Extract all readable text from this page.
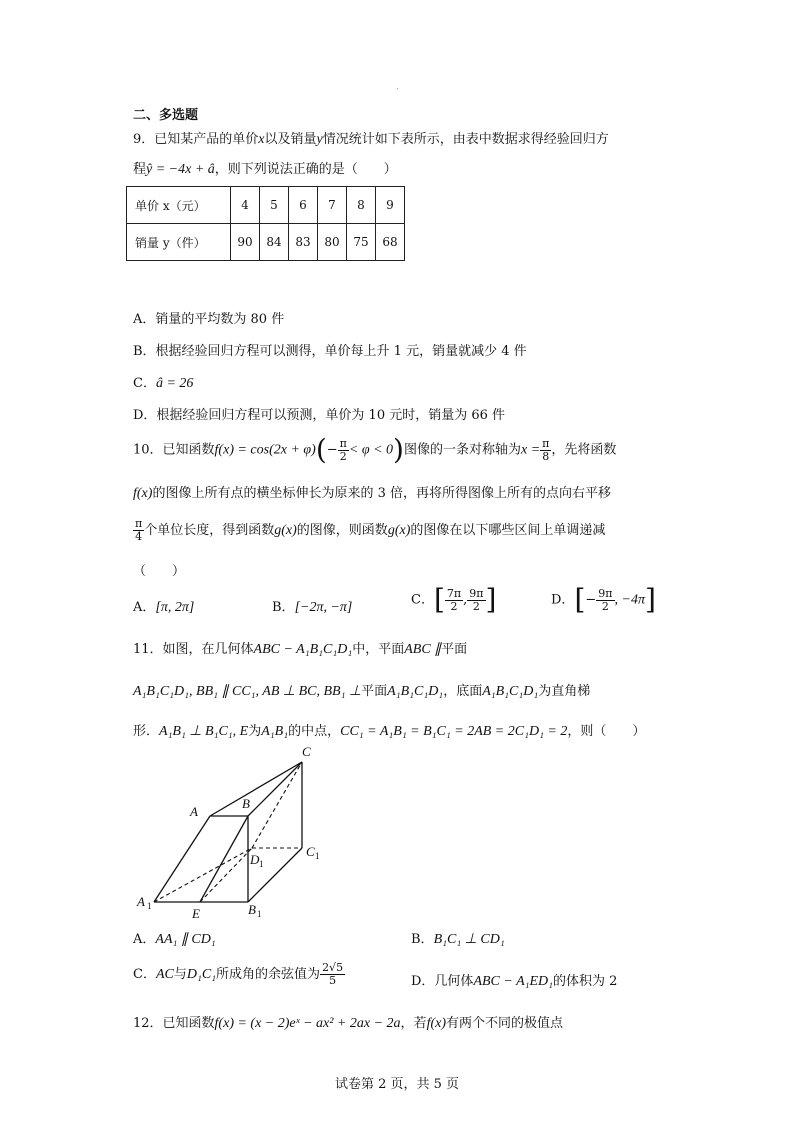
.
二、多选题
9．已知某产品的单价x以及销量y情况统计如下表所示，由表中数据求得经验回归方
程ŷ = −4x + â，则下列说法正确的是（　　）
单价 x（元）	4	5	6	7	8	9
销量 y（件）	90	84	83	80	75	68
A．销量的平均数为 80 件
B．根据经验回归方程可以测得，单价每上升 1 元，销量就减少 4 件
C．â = 26
D．根据经验回归方程可以预测，单价为 10 元时，销量为 66 件
10．已知函数$f(x) = \cos(2x + \varphi)(- \frac{\pi}{2} < \varphi < 0)$图像的一条对称轴为$x = \frac{\pi}{8}$ ，先将函数
f(x)的图像上所有点的横坐标伸长为原来的 3 倍，再将所得图像上所有的点向右平移
$\frac{\pi}{4}$ 个单位长度，得到函数g(x)的图像，则函数g(x)的图像在以下哪些区间上单调递减
（　　）
A．[π, 2π]	B．[−2π, −π]	C．[ $\frac{7\pi}{2}$ , $\frac{9\pi}{2}$ ]	D．[− $\frac{9\pi}{2}$ , −4π]
11．如图，在几何体ABC − A₁B₁C₁D₁中，平面ABC ∥平面
A₁B₁C₁D₁, BB₁ ∥ CC₁, AB ⊥ BC, BB₁ ⊥平面A₁B₁C₁D₁，底面A₁B₁C₁D₁为直角梯
形．A₁B₁ ⊥ B₁C₁, E为A₁B₁的中点，CC₁ = A₁B₁ = B₁C₁ = 2AB = 2C₁D₁ = 2，则（　　）
A
B
C
D 1
C 1
A 1	E	B 1
A．AA₁ ∥ CD₁	B．B₁C₁ ⊥ CD₁
C．AC与D₁C₁所成角的余弦值为 $\frac{2√5}{5}$	D．几何体ABC − A₁ED₁的体积为 2
12．已知函数f(x) = (x − 2)eˣ − ax² + 2ax − 2a，若f(x)有两个不同的极值点
试卷第 2 页，共 5 页
